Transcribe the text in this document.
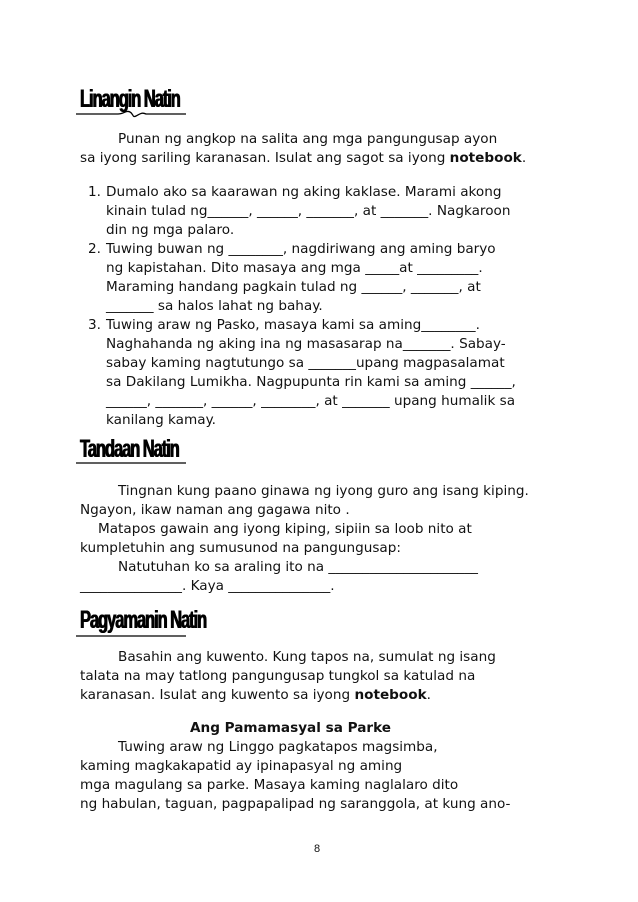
Linangin Natin
Punan ng angkop na salita ang mga pangungusap ayon
sa iyong sariling karanasan. Isulat ang sagot sa iyong notebook.
1. Dumalo ako sa kaarawan ng aking kaklase. Marami akong
kinain tulad ng______, ______, _______, at _______. Nagkaroon
din ng mga palaro.
2. Tuwing buwan ng ________, nagdiriwang ang aming baryo
ng kapistahan. Dito masaya ang mga _____at _________.
Maraming handang pagkain tulad ng ______, _______, at
_______ sa halos lahat ng bahay.
3. Tuwing araw ng Pasko, masaya kami sa aming________.
Naghahanda ng aking ina ng masasarap na_______. Sabay-
sabay kaming nagtutungo sa _______upang magpasalamat
sa Dakilang Lumikha. Nagpupunta rin kami sa aming ______,
______, _______, ______, ________, at _______ upang humalik sa
kanilang kamay.
Tandaan Natin
Tingnan kung paano ginawa ng iyong guro ang isang kiping.
Ngayon, ikaw naman ang gagawa nito .
Matapos gawain ang iyong kiping, sipiin sa loob nito at
kumpletuhin ang sumusunod na pangungusap:
Natutuhan ko sa araling ito na ______________________
_______________. Kaya _______________.
Pagyamanin Natin
Basahin ang kuwento. Kung tapos na, sumulat ng isang
talata na may tatlong pangungusap tungkol sa katulad na
karanasan. Isulat ang kuwento sa iyong notebook.
Ang Pamamasyal sa Parke
Tuwing araw ng Linggo pagkatapos magsimba,
kaming magkakapatid ay ipinapasyal ng aming
mga magulang sa parke. Masaya kaming naglalaro dito
ng habulan, taguan, pagpapalipad ng saranggola, at kung ano-
8
